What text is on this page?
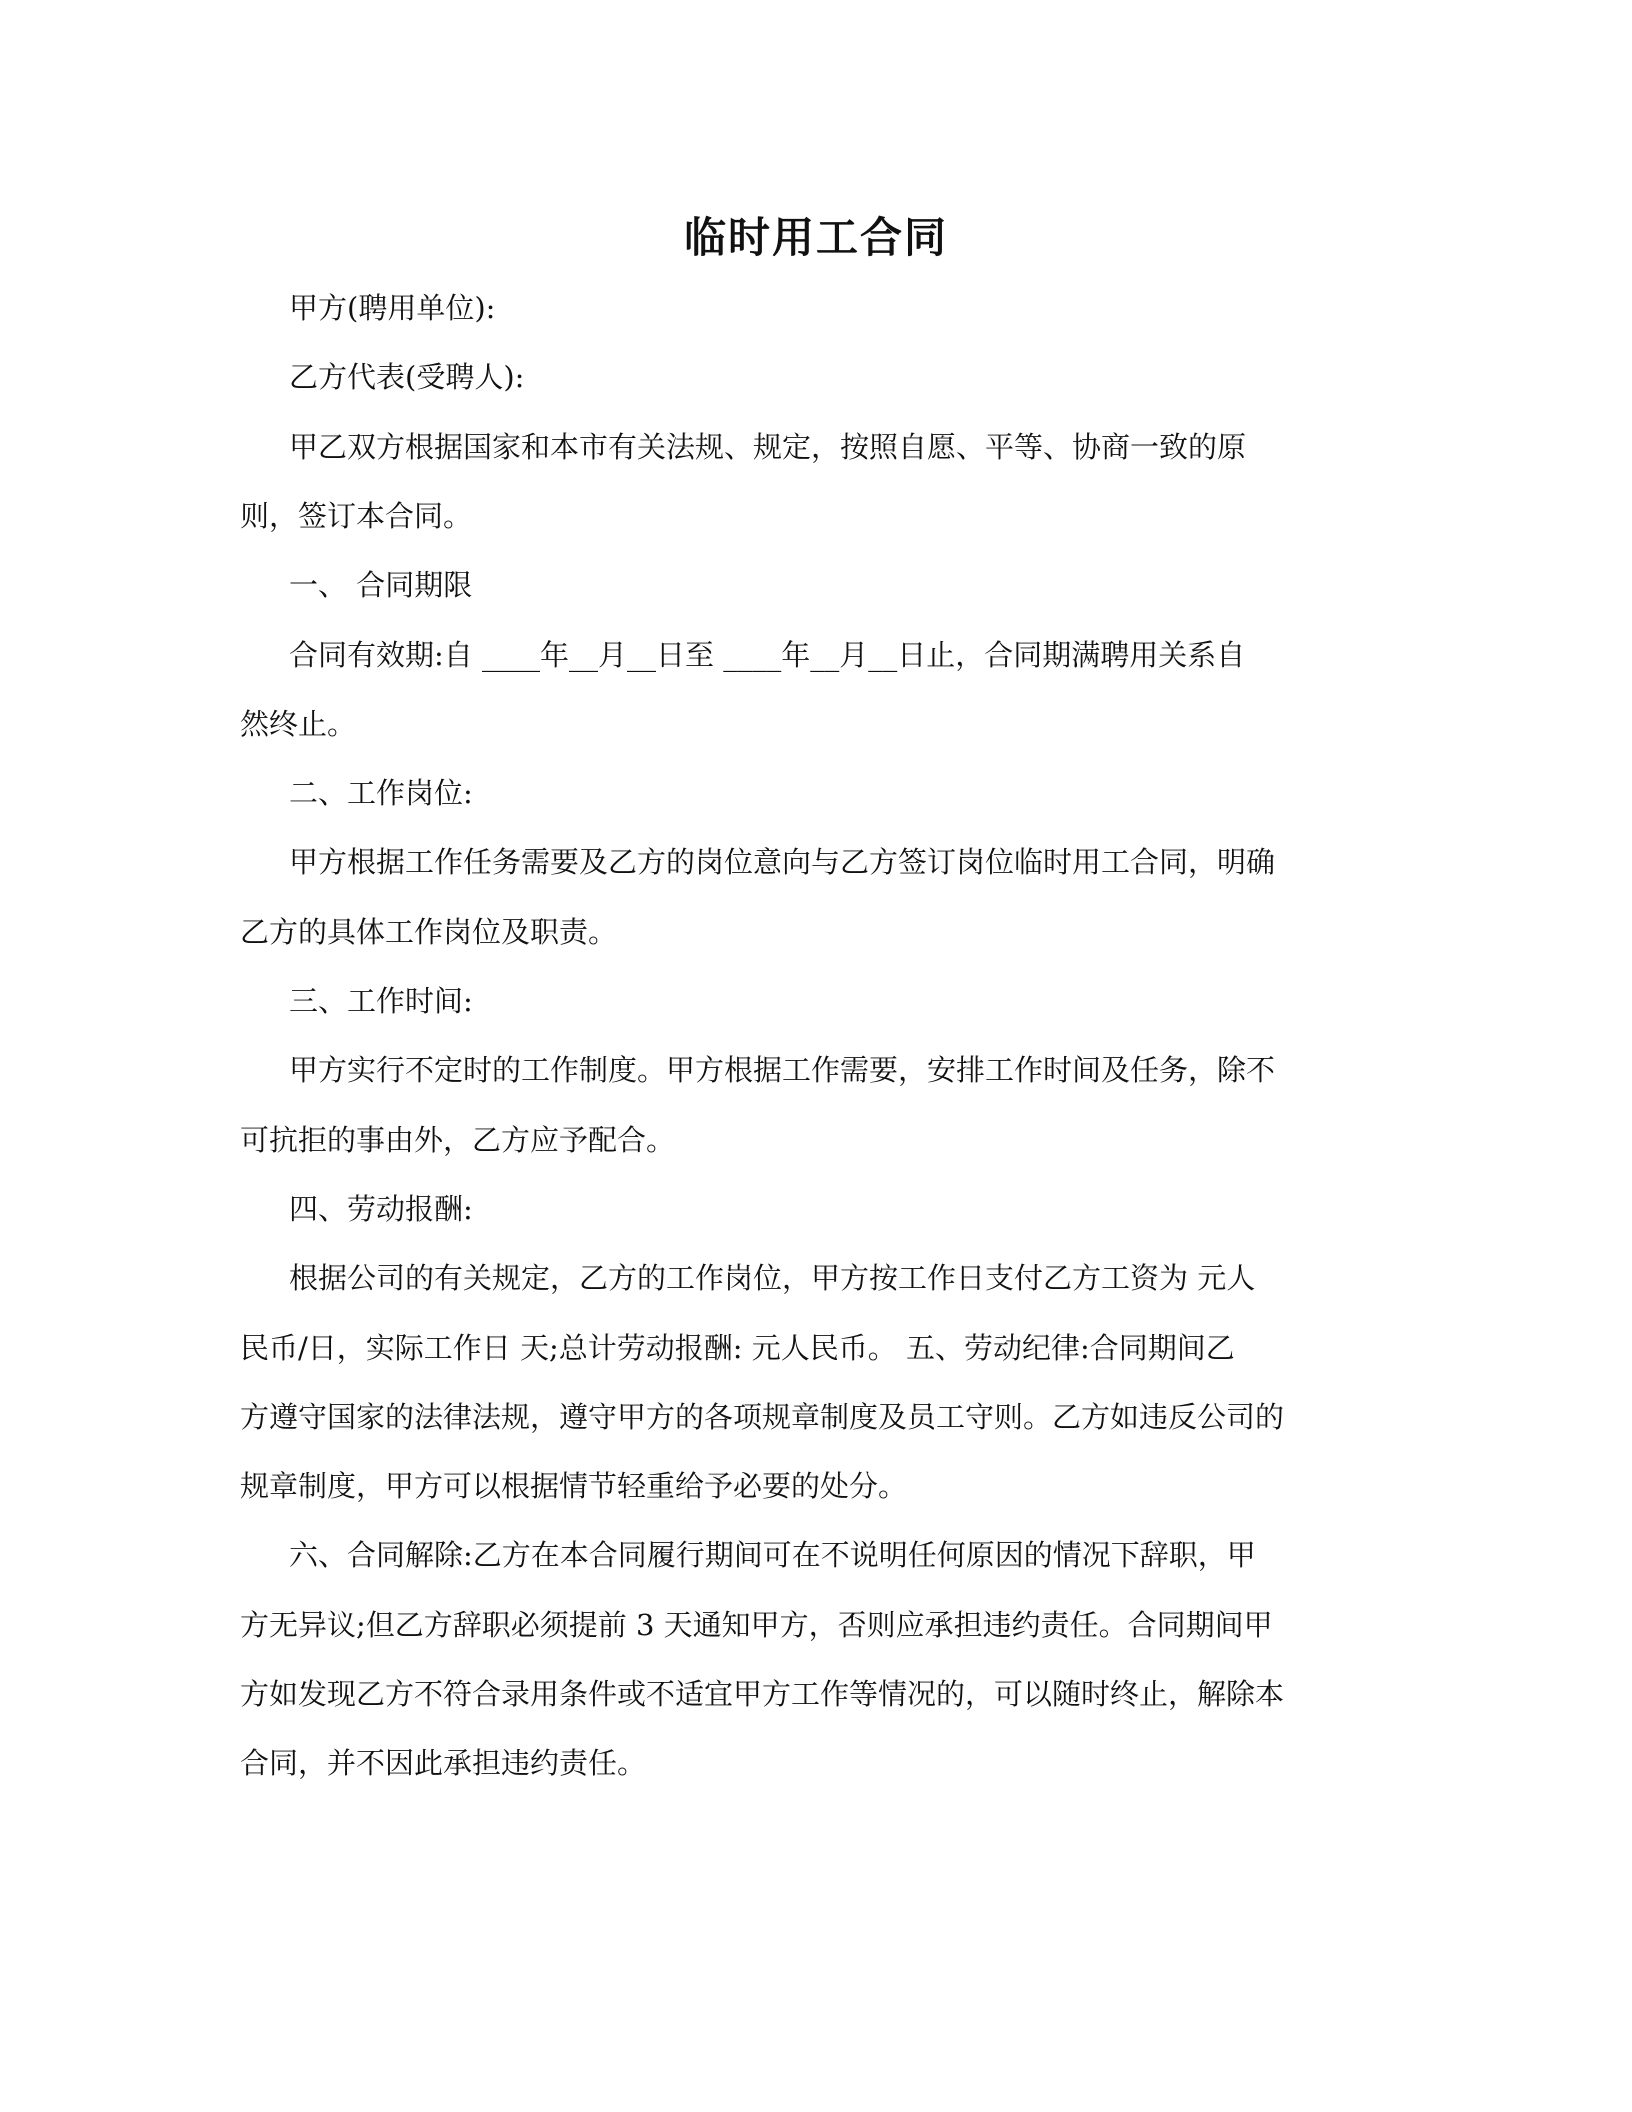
临时用工合同
甲方(聘用单位):
乙方代表(受聘人):
甲乙双方根据国家和本市有关法规、规定，按照自愿、平等、协商一致的原
则，签订本合同。
一、 合同期限
合同有效期:自 ____年__月__日至 ____年__月__日止，合同期满聘用关系自
然终止。
二、工作岗位:
甲方根据工作任务需要及乙方的岗位意向与乙方签订岗位临时用工合同，明确
乙方的具体工作岗位及职责。
三、工作时间:
甲方实行不定时的工作制度。甲方根据工作需要，安排工作时间及任务，除不
可抗拒的事由外，乙方应予配合。
四、劳动报酬:
根据公司的有关规定，乙方的工作岗位，甲方按工作日支付乙方工资为 元人
民币/日，实际工作日 天;总计劳动报酬: 元人民币。 五、劳动纪律:合同期间乙
方遵守国家的法律法规，遵守甲方的各项规章制度及员工守则。乙方如违反公司的
规章制度，甲方可以根据情节轻重给予必要的处分。
六、合同解除:乙方在本合同履行期间可在不说明任何原因的情况下辞职，甲
方无异议;但乙方辞职必须提前 3 天通知甲方，否则应承担违约责任。合同期间甲
方如发现乙方不符合录用条件或不适宜甲方工作等情况的，可以随时终止，解除本
合同，并不因此承担违约责任。
